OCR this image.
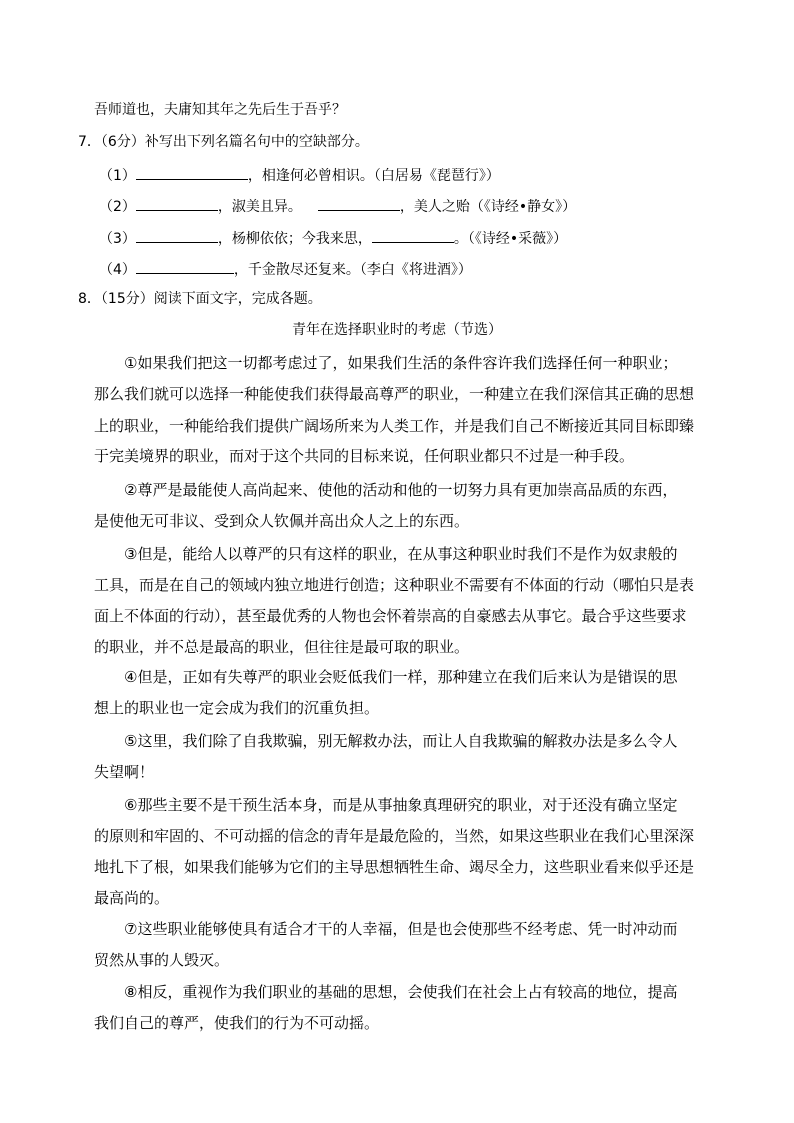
吾师道也，夫庸知其年之先后生于吾乎？
7．（6分）补写出下列名篇名句中的空缺部分。
（1）	，相逢何必曾相识。（白居易《琵琶行》）
（2）	，淑美且异。	，美人之贻（《诗经•静女》）
（3）	，杨柳依依；今我来思，	。（《诗经•采薇》）
（4）	，千金散尽还复来。（李白《将进酒》）
8．（15分）阅读下面文字，完成各题。
青年在选择职业时的考虑（节选）
①如果我们把这一切都考虑过了，如果我们生活的条件容许我们选择任何一种职业；
那么我们就可以选择一种能使我们获得最高尊严的职业，一种建立在我们深信其正确的思想
上的职业，一种能给我们提供广阔场所来为人类工作，并是我们自己不断接近其同目标即臻
于完美境界的职业，而对于这个共同的目标来说，任何职业都只不过是一种手段。
②尊严是最能使人高尚起来、使他的活动和他的一切努力具有更加崇高品质的东西，
是使他无可非议、受到众人钦佩并高出众人之上的东西。
③但是，能给人以尊严的只有这样的职业，在从事这种职业时我们不是作为奴隶般的
工具，而是在自己的领域内独立地进行创造；这种职业不需要有不体面的行动（哪怕只是表
面上不体面的行动），甚至最优秀的人物也会怀着崇高的自豪感去从事它。最合乎这些要求
的职业，并不总是最高的职业，但往往是最可取的职业。
④但是，正如有失尊严的职业会贬低我们一样，那种建立在我们后来认为是错误的思
想上的职业也一定会成为我们的沉重负担。
⑤这里，我们除了自我欺骗，别无解救办法，而让人自我欺骗的解救办法是多么令人
失望啊！
⑥那些主要不是干预生活本身，而是从事抽象真理研究的职业，对于还没有确立坚定
的原则和牢固的、不可动摇的信念的青年是最危险的，当然，如果这些职业在我们心里深深
地扎下了根，如果我们能够为它们的主导思想牺牲生命、竭尽全力，这些职业看来似乎还是
最高尚的。
⑦这些职业能够使具有适合才干的人幸福，但是也会使那些不经考虑、凭一时冲动而
贸然从事的人毁灭。
⑧相反，重视作为我们职业的基础的思想，会使我们在社会上占有较高的地位，提高
我们自己的尊严，使我们的行为不可动摇。
